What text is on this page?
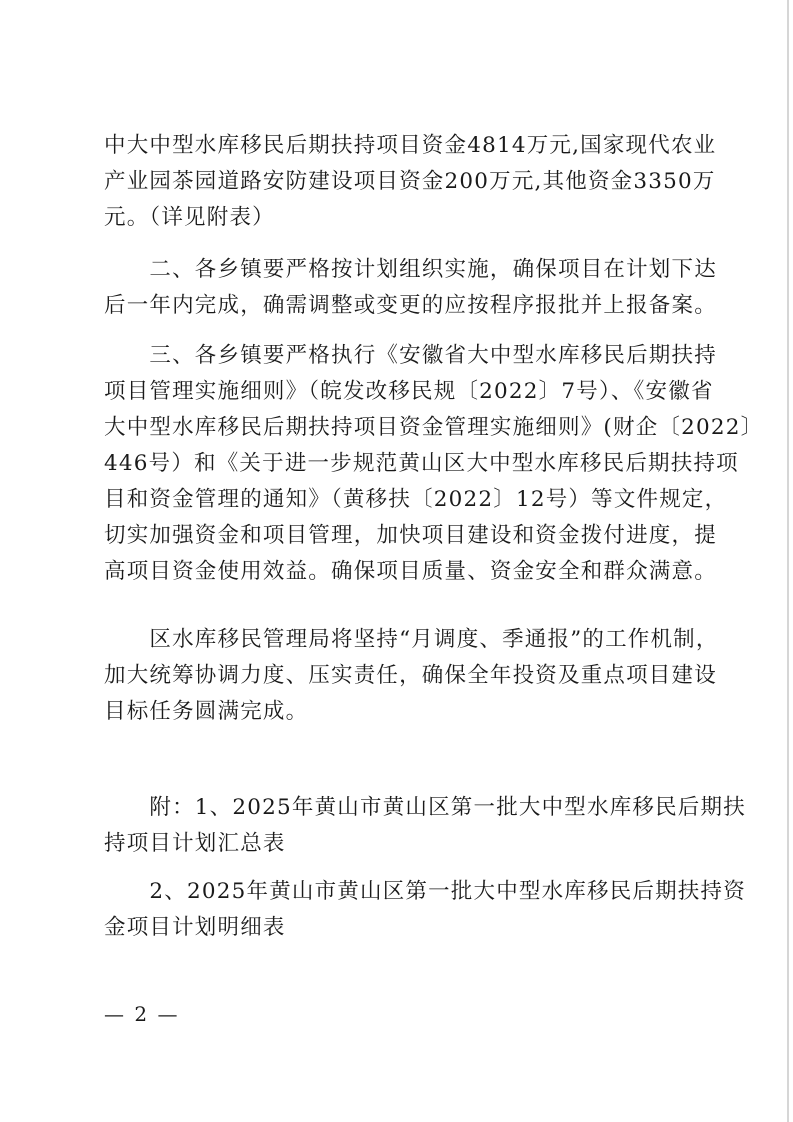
中大中型水库移民后期扶持项目资金4814万元,国家现代农业
产业园茶园道路安防建设项目资金200万元,其他资金3350万
元。（详见附表）
　　二、各乡镇要严格按计划组织实施，确保项目在计划下达
后一年内完成，确需调整或变更的应按程序报批并上报备案。
　　三、各乡镇要严格执行《安徽省大中型水库移民后期扶持
项目管理实施细则》（皖发改移民规〔2022〕7号）、《安徽省
大中型水库移民后期扶持项目资金管理实施细则》(财企〔2022〕
446号）和《关于进一步规范黄山区大中型水库移民后期扶持项
目和资金管理的通知》（黄移扶〔2022〕12号）等文件规定，
切实加强资金和项目管理，加快项目建设和资金拨付进度，提
高项目资金使用效益。确保项目质量、资金安全和群众满意。
　　区水库移民管理局将坚持“月调度、季通报”的工作机制，
加大统筹协调力度、压实责任，确保全年投资及重点项目建设
目标任务圆满完成。
　　附：1、2025年黄山市黄山区第一批大中型水库移民后期扶
持项目计划汇总表
　　2、2025年黄山市黄山区第一批大中型水库移民后期扶持资
金项目计划明细表
— 2 —
